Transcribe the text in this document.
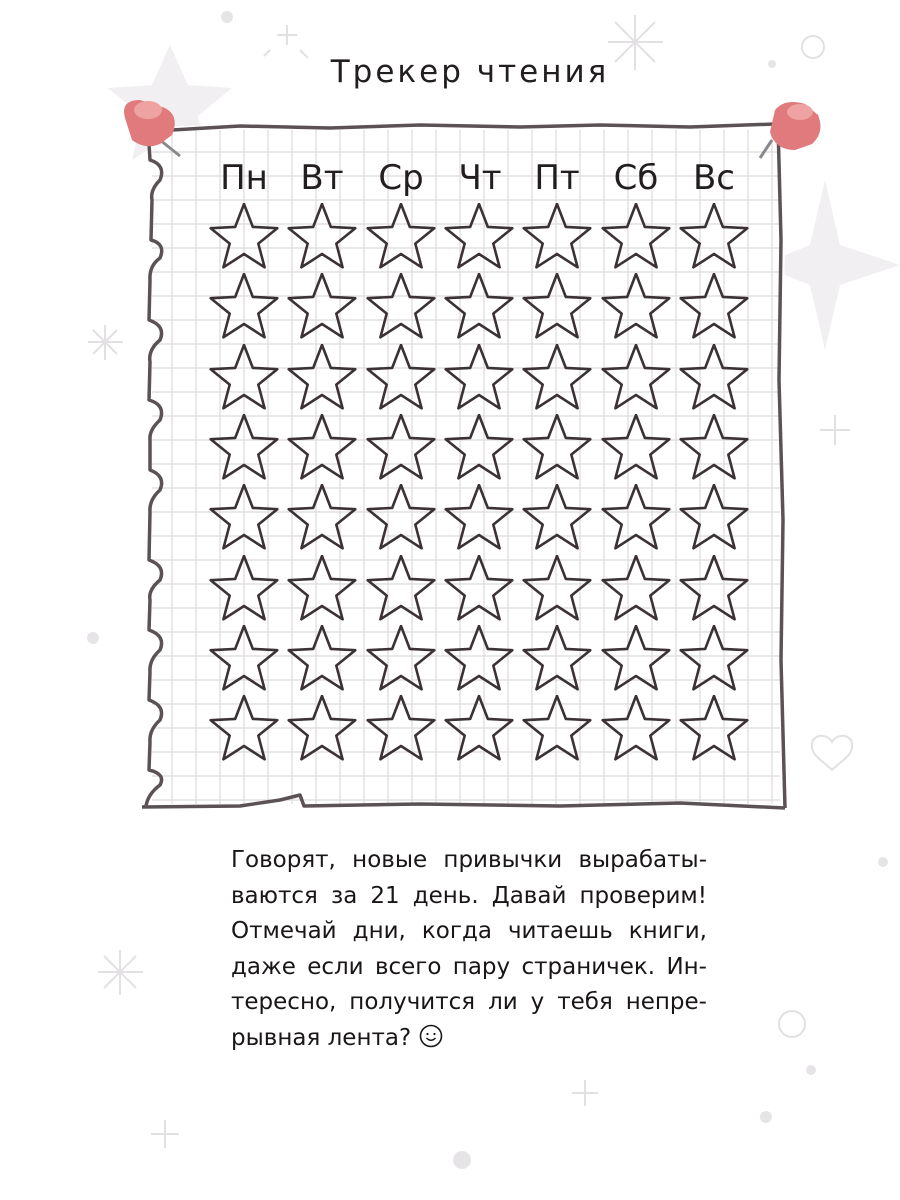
Трекер чтения
Пн Вт	Ср	Чт Пт Сб	Вс

Говорят, новые привычки вырабаты-
ваются за 21 день. Давай проверим!
Отмечай дни, когда читаешь книги,
даже если всего пару страничек. Ин-
тересно, получится ли у тебя непре-
рывная лента?
